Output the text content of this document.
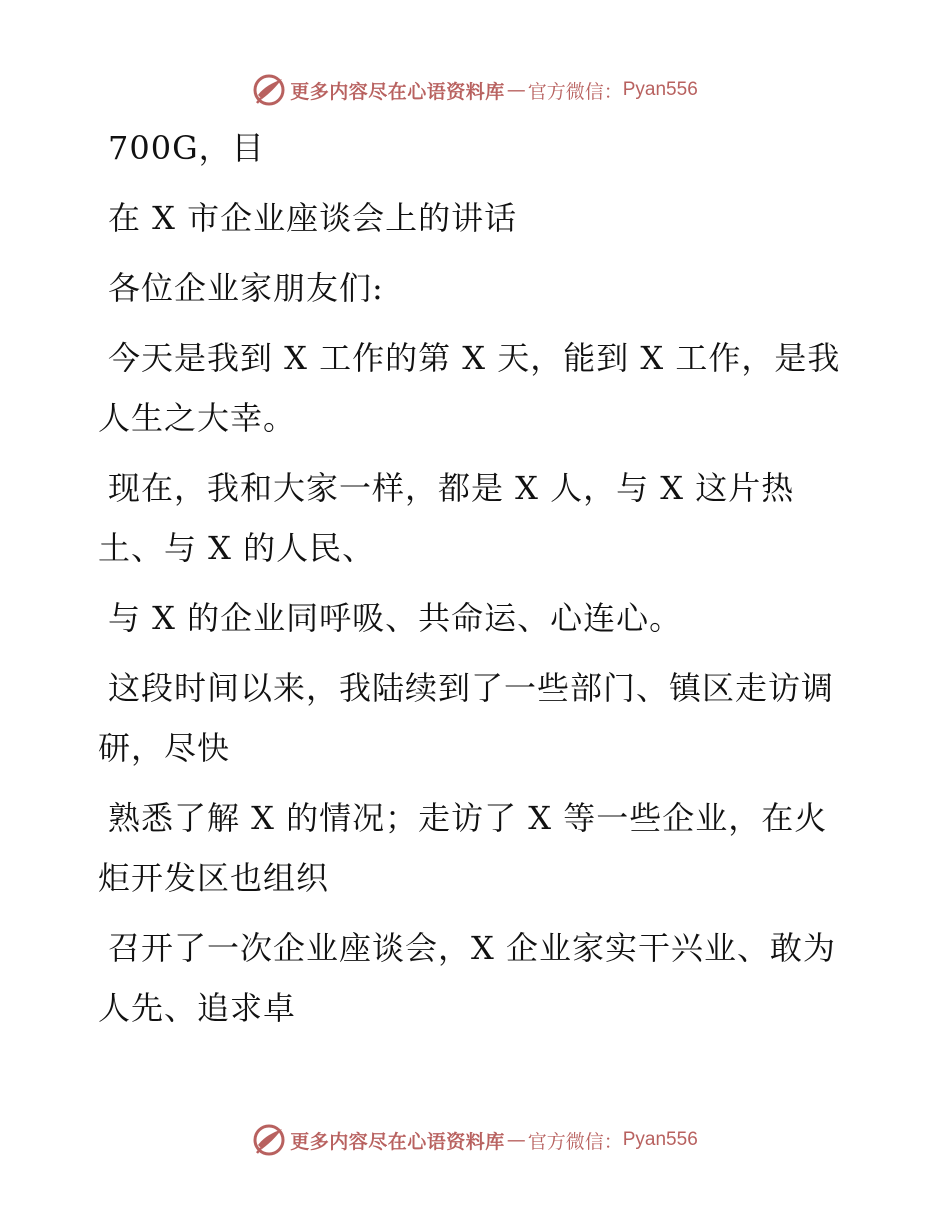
更多内容尽在心语资料库 — 官方微信： Pyan556

700G，目

在 X 市企业座谈会上的讲话

各位企业家朋友们:

今天是我到 X 工作的第 X 天，能到 X 工作，是我人生之大幸。

现在，我和大家一样，都是 X 人，与 X 这片热土、与 X 的人民、

与 X 的企业同呼吸、共命运、心连心。

这段时间以来，我陆续到了一些部门、镇区走访调研，尽快

熟悉了解 X 的情况；走访了 X 等一些企业，在火炬开发区也组织

召开了一次企业座谈会，X 企业家实干兴业、敢为人先、追求卓

更多内容尽在心语资料库 — 官方微信： Pyan556
